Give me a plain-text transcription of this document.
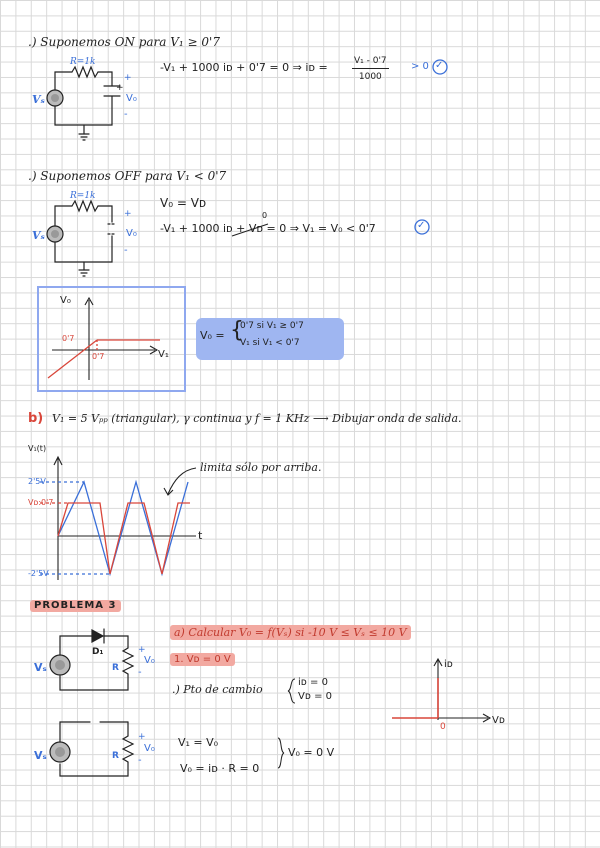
.) Suponemos ON para V₁ ≥ 0'7
R=1k
Vₛ
+
V₀
-
+
-V₁ + 1000 iᴅ + 0'7 = 0 ⇒ iᴅ =	$\frac{\text{V₁ - 0'7}}{1000} > 0$ ✓
.) Suponemos OFF para V₁ < 0'7
R=1k
Vₛ
+
V₀
-
V₀ = Vᴅ
0
-V₁ + 1000 iᴅ + Vᴅ = 0 ⇒ V₁ = V₀ < 0'7	✓
V₀
V₁
0'7
0'7
V₀ = {
0'7 si V₁ ≥ 0'7
V₁ si V₁ < 0'7
b) V₁ = 5 Vₚₚ (triangular), γ continua y f = 1 KHz ⟶ Dibujar onda de salida.
V₁(t)
t
2'5V
Vᴅ:0'7
-2'5V
limita sólo por arriba.
PROBLEMA 3
a) Calcular V₀ = f(Vₛ) si -10 V ≤ Vₛ ≤ 10 V
1. Vᴅ = 0 V
.) Pto de cambio
iᴅ = 0
Vᴅ = 0
D₁
R
Vₛ
+
V₀
-
R
Vₛ
+
V₀
-
iᴅ
Vᴅ
0
V₁ = V₀
V₀ = iᴅ · R = 0
V₀ = 0 V
